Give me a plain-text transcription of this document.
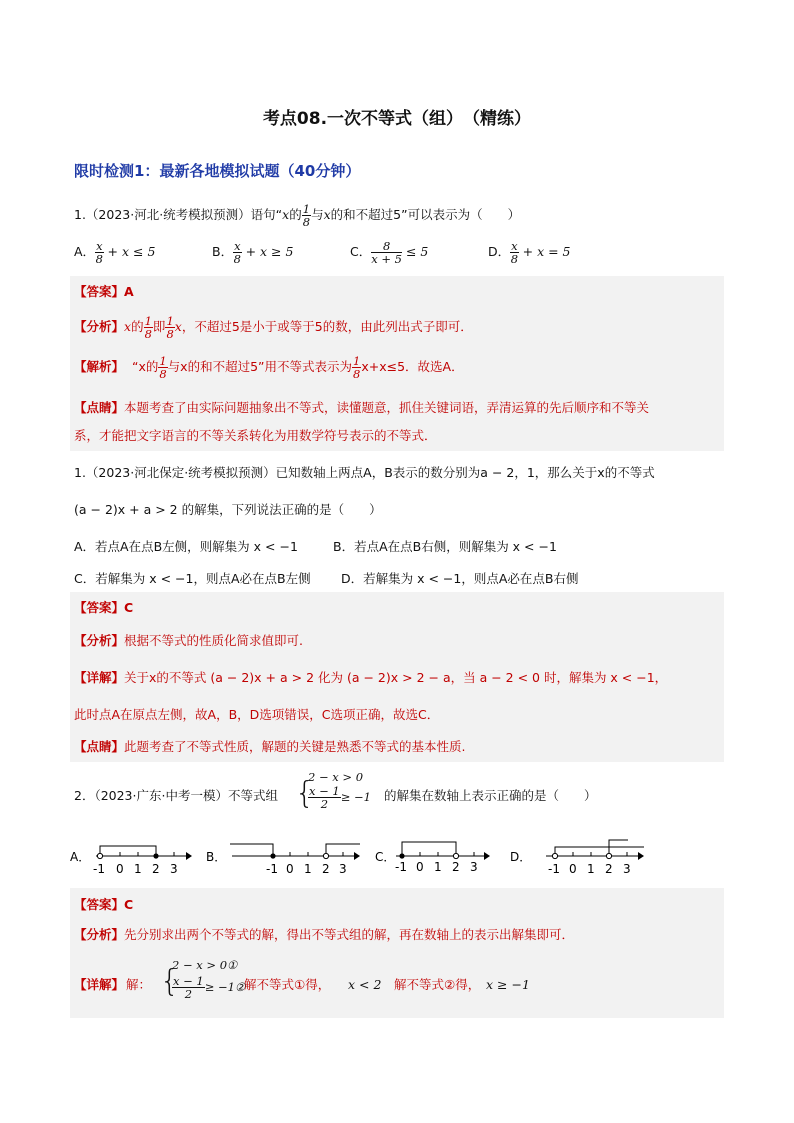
考点08.一次不等式（组）　（精练）
限时检测1：最新各地模拟试题（40分钟）
1.（2023·河北·统考模拟预测）语句“x的 $\frac{1}{8}$ 与x的和不超过5”可以表示为（　　）
A． $\frac{x}{8} + x \le 5$	B． $\frac{x}{8} + x \ge 5$	C． $\frac{8}{x + 5} \le 5$	D． $\frac{x}{8} + x = 5$
【答案】A
【分析】x的 $\frac{1}{8}$ 即 $\frac{1}{8}$ x，不超过5是小于或等于5的数，由此列出式子即可．
【解析】 “x的 $\frac{1}{8}$ 与x的和不超过5”用不等式表示为 $\frac{1}{8} x+x\le 5$．故选A．
【点睛】本题考查了由实际问题抽象出不等式，读懂题意，抓住关键词语，弄清运算的先后顺序和不等关
系，才能把文字语言的不等关系转化为用数学符号表示的不等式．
1.（2023·河北保定·统考模拟预测）已知数轴上两点A，B表示的数分别为a − 2，1，那么关于x的不等式
(a − 2)x + a > 2 的解集，下列说法正确的是（　　）
A．若点A在点B左侧，则解集为 x < −1	B．若点A在点B右侧，则解集为 x < −1
C．若解集为 x < −1，则点A必在点B左侧 D．若解集为 x < −1，则点A必在点B右侧
【答案】C
【分析】根据不等式的性质化简求值即可.
【详解】关于x的不等式 (a − 2)x + a > 2 化为 (a − 2)x > 2 − a，当 a − 2 < 0 时，解集为 x < −1，
此时点A在原点左侧，故A，B，D选项错误，C选项正确，故选C．
【点睛】此题考查了不等式性质，解题的关键是熟悉不等式的基本性质.
2．（2023·广东·中考一模）不等式组 {
2 − x > 0
$\frac{x - 1}{2} \ge -1$ 的解集在数轴上表示正确的是（　　）
A．
-1 0 1 2 3
B．
-1 0 1 2 3
C．
-1 0 1 2 3
D．
-1 0 1 2 3
【答案】C
【分析】先分别求出两个不等式的解，得出不等式组的解，再在数轴上的表示出解集即可．
【详解】 解： {
2 − x > 0①
$\frac{x - 1}{2}$ ≥ −1②
解不等式①得， x < 2 解不等式②得， x ≥ −1
